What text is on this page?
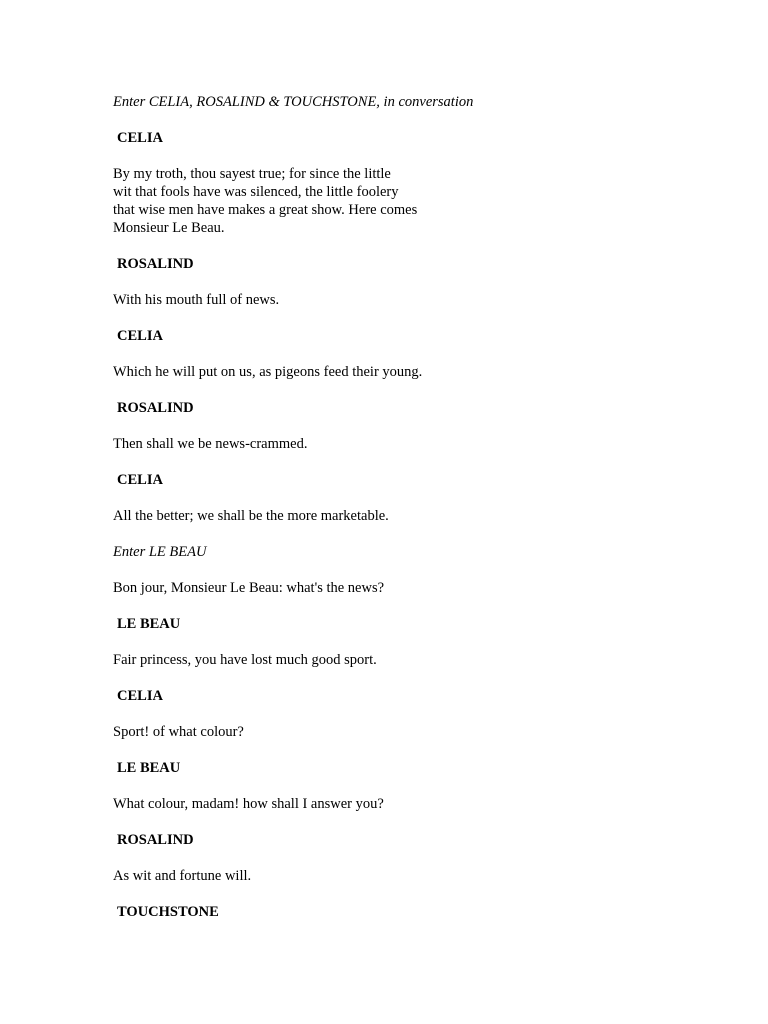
Enter CELIA, ROSALIND & TOUCHSTONE, in conversation

CELIA

By my troth, thou sayest true; for since the little
wit that fools have was silenced, the little foolery
that wise men have makes a great show. Here comes
Monsieur Le Beau.

ROSALIND

With his mouth full of news.

CELIA

Which he will put on us, as pigeons feed their young.

ROSALIND

Then shall we be news-crammed.

CELIA

All the better; we shall be the more marketable.

Enter LE BEAU

Bon jour, Monsieur Le Beau: what's the news?

LE BEAU

Fair princess, you have lost much good sport.

CELIA

Sport! of what colour?

LE BEAU

What colour, madam! how shall I answer you?

ROSALIND

As wit and fortune will.

TOUCHSTONE
